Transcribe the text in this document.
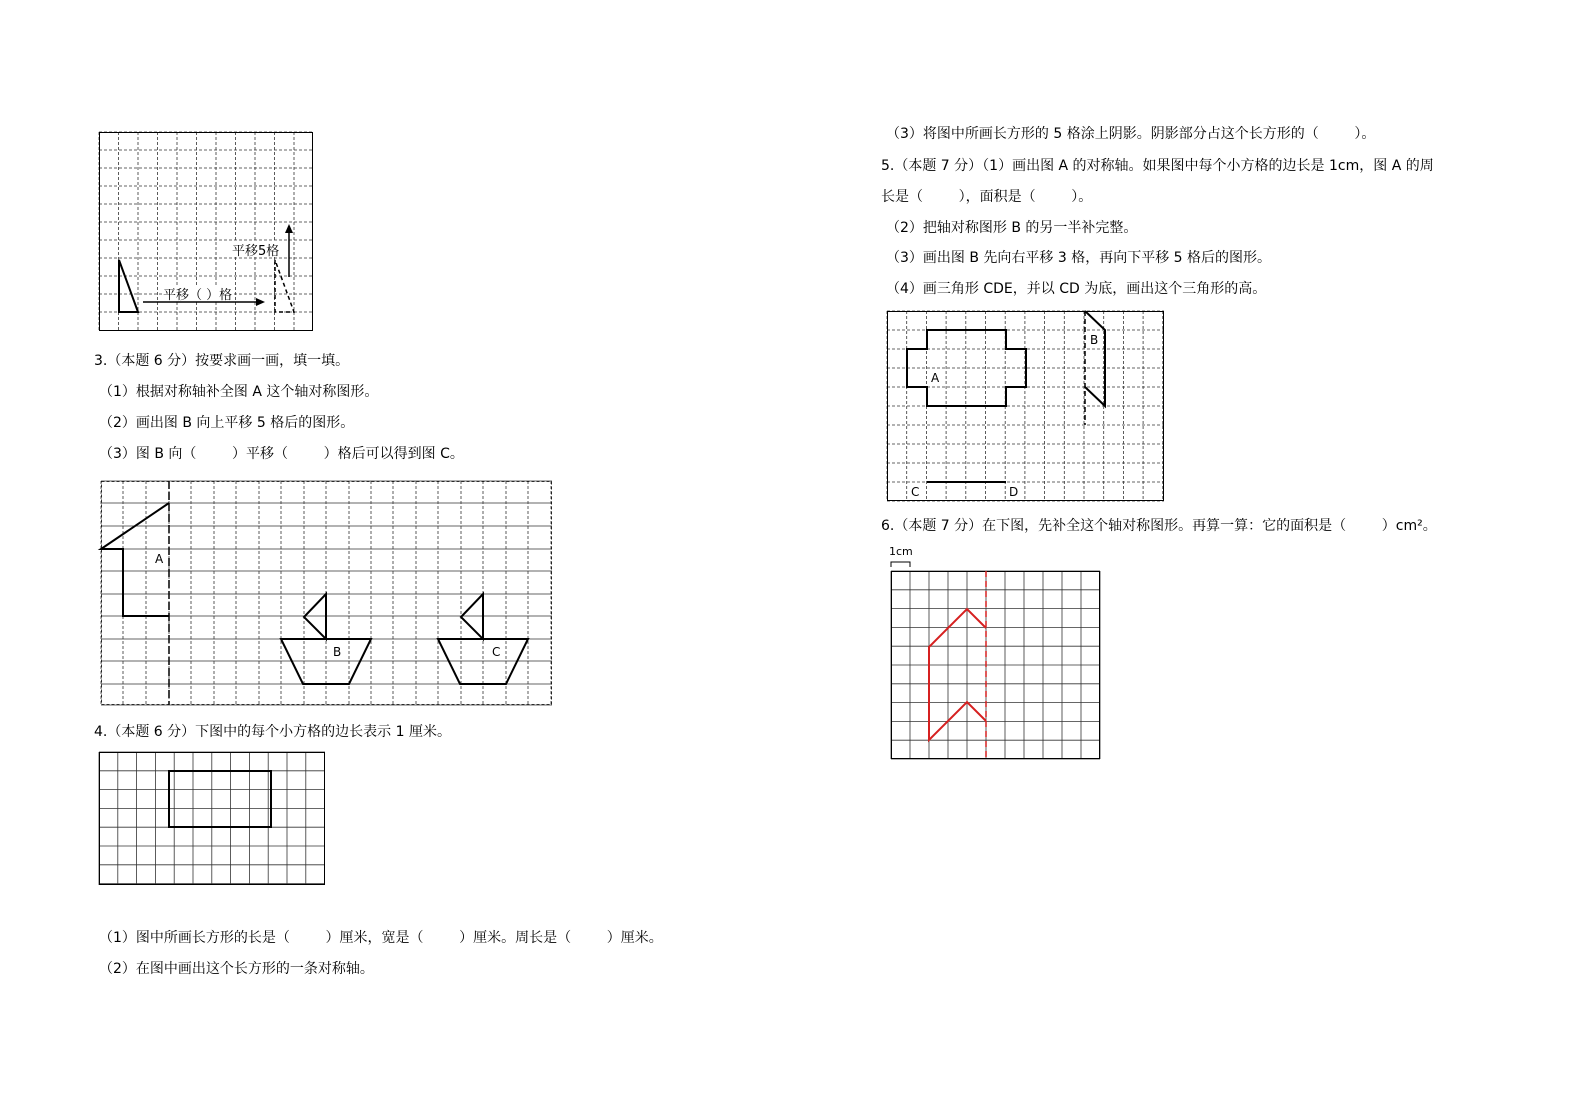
平移（ ）格
平移5格
3.（本题 6 分）按要求画一画，填一填。
（1）根据对称轴补全图 A 这个轴对称图形。
（2）画出图 B 向上平移 5 格后的图形。
（3）图 B 向（        ）平移（        ）格后可以得到图 C。
A
B	C
4.（本题 6 分）下图中的每个小方格的边长表示 1 厘米。
（1）图中所画长方形的长是（        ）厘米，宽是（        ）厘米。周长是（        ）厘米。
（2）在图中画出这个长方形的一条对称轴。
（3）将图中所画长方形的 5 格涂上阴影。阴影部分占这个长方形的（        ）。
5.（本题 7 分）（1）画出图 A 的对称轴。如果图中每个小方格的边长是 1cm，图 A 的周
长是（        ），面积是（        ）。
（2）把轴对称图形 B 的另一半补完整。
（3）画出图 B 先向右平移 3 格，再向下平移 5 格后的图形。
（4）画三角形 CDE，并以 CD 为底，画出这个三角形的高。
A
B
C	D
6.（本题 7 分）在下图，先补全这个轴对称图形。再算一算：它的面积是（        ）cm²。
1cm
